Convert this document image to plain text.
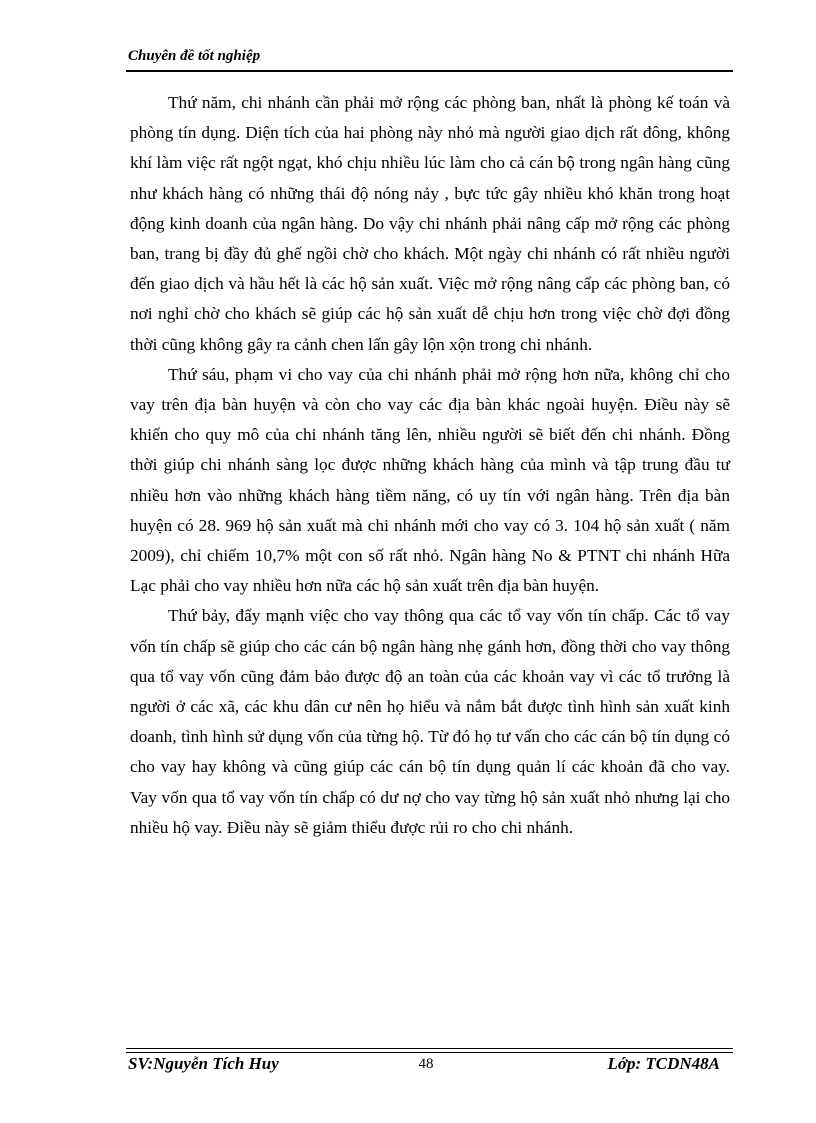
Chuyên đề tốt nghiệp

Thứ năm, chi nhánh cần phải mở rộng các phòng ban, nhất là phòng kế toán và phòng tín dụng. Diện tích của hai phòng này nhỏ mà người giao dịch rất đông, không khí làm việc rất ngột ngạt, khó chịu nhiều lúc làm cho cả cán bộ trong ngân hàng cũng như khách hàng có những thái độ nóng nảy , bực tức gây nhiều khó khăn trong hoạt động kinh doanh của ngân hàng. Do vậy chi nhánh phải nâng cấp mở rộng các phòng ban, trang bị đầy đủ ghế ngồi chờ cho khách. Một ngày chi nhánh có rất nhiều người đến giao dịch và hầu hết là các hộ sản xuất. Việc mở rộng nâng cấp các phòng ban, có nơi nghỉ chờ cho khách sẽ giúp các hộ sản xuất dễ chịu hơn trong việc chờ đợi đồng thời cũng không gây ra cảnh chen lấn gây lộn xộn trong chi nhánh.

Thứ sáu, phạm vi cho vay của chi nhánh phải mở rộng hơn nữa, không chỉ cho vay trên địa bàn huyện và còn cho vay các địa bàn khác ngoài huyện. Điều này sẽ khiến cho quy mô của chi nhánh tăng lên, nhiều người sẽ biết đến chi nhánh. Đồng thời giúp chi nhánh sàng lọc được những khách hàng của mình và tập trung đầu tư nhiều hơn vào những khách hàng tiềm năng, có uy tín với ngân hàng. Trên địa bàn huyện có 28. 969 hộ sản xuất mà chi nhánh mới cho vay có 3. 104 hộ sản xuất ( năm 2009), chỉ chiếm 10,7% một con số rất nhỏ. Ngân hàng No & PTNT chi nhánh Hữa Lạc phải cho vay nhiều hơn nữa các hộ sản xuất trên địa bàn huyện.

Thứ bảy, đẩy mạnh việc cho vay thông qua các tổ vay vốn tín chấp. Các tổ vay vốn tín chấp sẽ giúp cho các cán bộ ngân hàng nhẹ gánh hơn, đồng thời cho vay thông qua tổ vay vốn cũng đảm bảo được độ an toàn của các khoản vay vì các tổ trưởng là người ở các xã, các khu dân cư nên họ hiểu và nắm bắt được tình hình sản xuất kinh doanh, tình hình sử dụng vốn của từng hộ. Từ đó họ tư vấn cho các cán bộ tín dụng có cho vay hay không và cũng giúp các cán bộ tín dụng quản lí các khoản đã cho vay. Vay vốn qua tổ vay vốn tín chấp có dư nợ cho vay từng hộ sản xuất nhỏ nhưng lại cho nhiều hộ vay. Điều này sẽ giảm thiểu được rủi ro cho chi nhánh.

SV:Nguyễn Tích Huy	48	Lớp: TCDN48A
